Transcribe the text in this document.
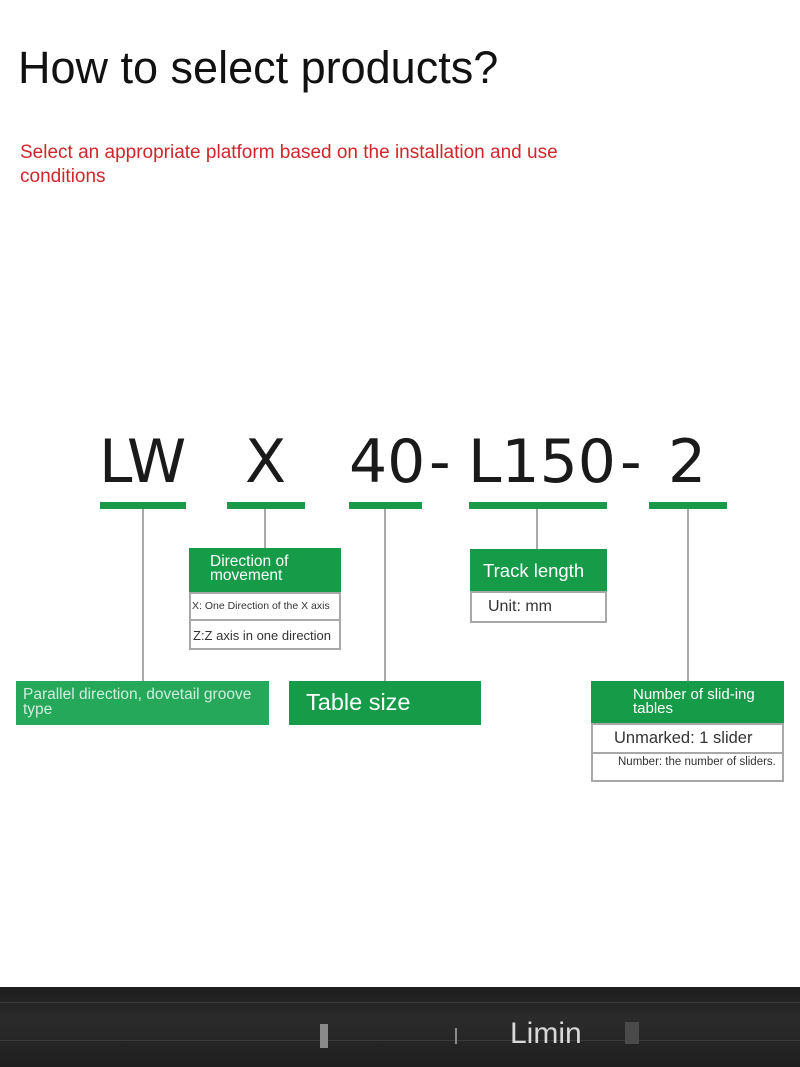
How to select products?
Select an appropriate platform based on the installation and use conditions
LW X 40 - L150 - 2
Direction of movement
X: One Direction of the X axis
Z:Z axis in one direction
Track length
Unit: mm
Parallel direction, dovetail groove type	Table size	Number of slid-ing tables
Unmarked: 1 slider
Number: the number of sliders.
Limin
